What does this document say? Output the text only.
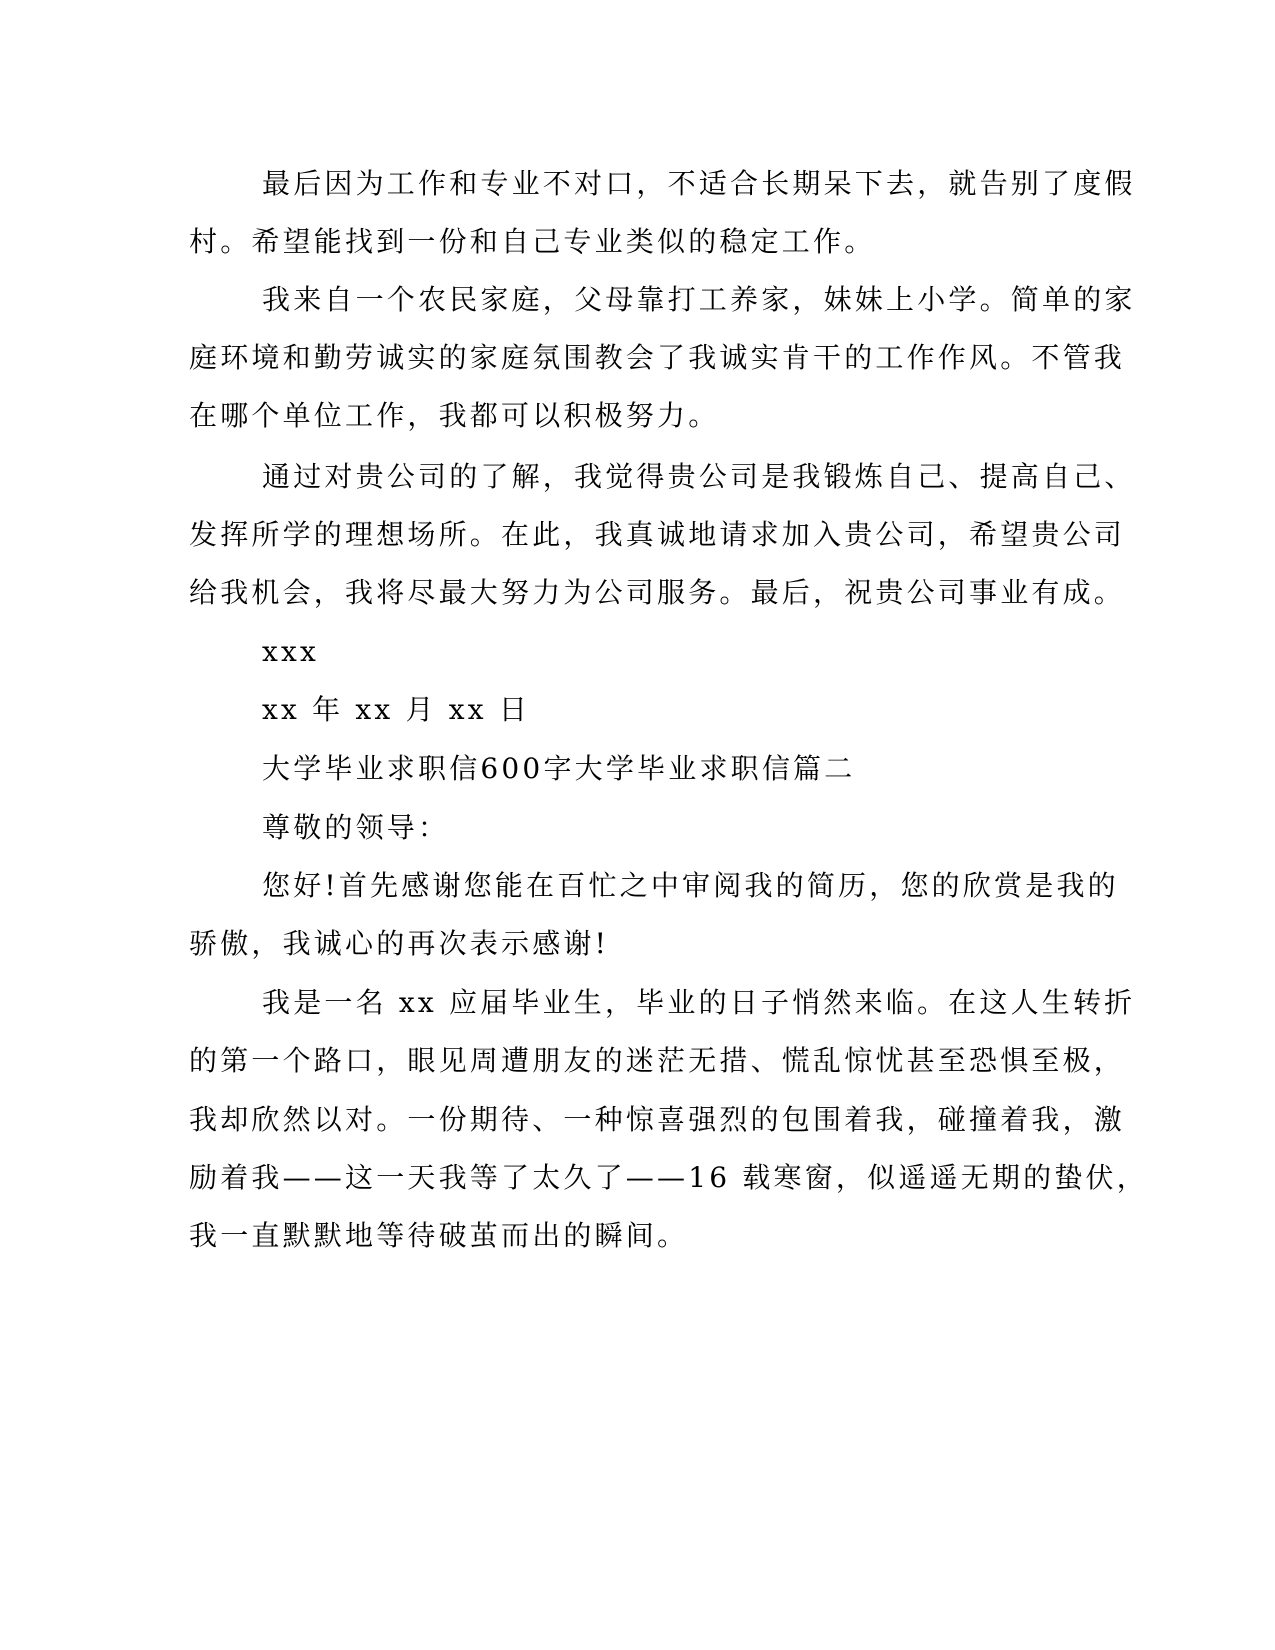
最后因为工作和专业不对口，不适合长期呆下去，就告别了度假
村。希望能找到一份和自己专业类似的稳定工作。
我来自一个农民家庭，父母靠打工养家，妹妹上小学。简单的家
庭环境和勤劳诚实的家庭氛围教会了我诚实肯干的工作作风。不管我
在哪个单位工作，我都可以积极努力。
通过对贵公司的了解，我觉得贵公司是我锻炼自己、提高自己、
发挥所学的理想场所。在此，我真诚地请求加入贵公司，希望贵公司
给我机会，我将尽最大努力为公司服务。最后，祝贵公司事业有成。
xxx
xx 年 xx 月 xx 日
大学毕业求职信600字大学毕业求职信篇二
尊敬的领导：
您好!首先感谢您能在百忙之中审阅我的简历，您的欣赏是我的
骄傲，我诚心的再次表示感谢!
我是一名 xx 应届毕业生，毕业的日子悄然来临。在这人生转折
的第一个路口，眼见周遭朋友的迷茫无措、慌乱惊忧甚至恐惧至极，
我却欣然以对。一份期待、一种惊喜强烈的包围着我，碰撞着我，激
励着我——这一天我等了太久了——16 载寒窗，似遥遥无期的蛰伏，
我一直默默地等待破茧而出的瞬间。
